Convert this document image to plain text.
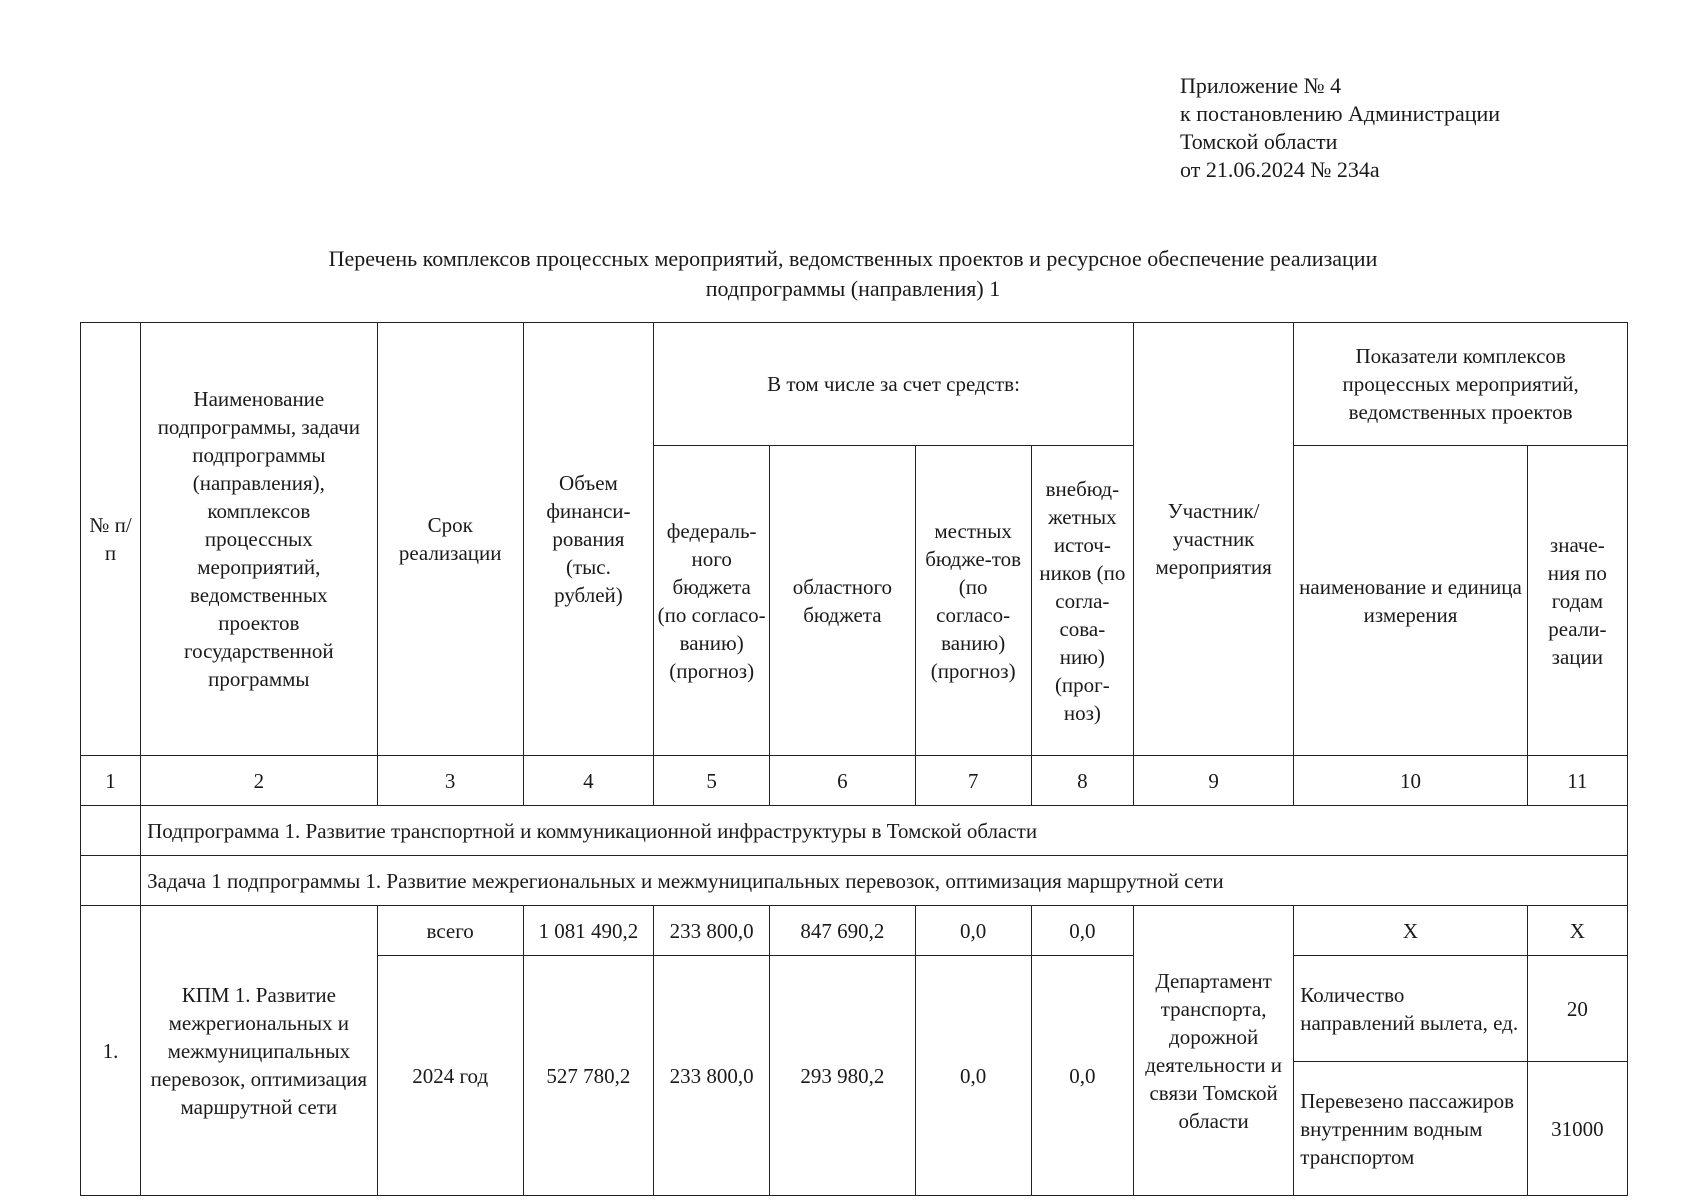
Приложение № 4
к постановлению Администрации
Томской области
от 21.06.2024 № 234а
Перечень комплексов процессных мероприятий, ведомственных проектов и ресурсное обеспечение реализации
подпрограммы (направления) 1
№ п/п	Наименование подпрограммы, задачи подпрограммы (направления), комплексов процессных мероприятий, ведомственных проектов государственной программы	Срок реализации	Объем финанси-рования (тыс. рублей)	В том числе за счет средств:				Участник/ участник мероприятия	Показатели комплексов процессных мероприятий, ведомственных проектов	
				федераль-ного бюджета (по согласо-ванию) (прогноз)	областного бюджета	местных бюдже-тов (по согласо-ванию) (прогноз)	внебюд-жетных источ-ников (по согла-сова-нию) (прог-ноз)		наименование и единица измерения	значе-ния по годам реали-зации
1	2	3	4	5	6	7	8	9	10	11
	Подпрограмма 1. Развитие транспортной и коммуникационной инфраструктуры в Томской области									
	Задача 1 подпрограммы 1. Развитие межрегиональных и межмуниципальных перевозок, оптимизация маршрутной сети									
1.	КПМ 1. Развитие межрегиональных и межмуниципальных перевозок, оптимизация маршрутной сети	всего	1 081 490,2	233 800,0	847 690,2	0,0	0,0	Департамент транспорта, дорожной деятельности и связи Томской области	X	X
		2024 год	527 780,2	233 800,0	293 980,2	0,0	0,0		Количество направлений вылета, ед.	20
									Перевезено пассажиров внутренним водным транспортом	31000
